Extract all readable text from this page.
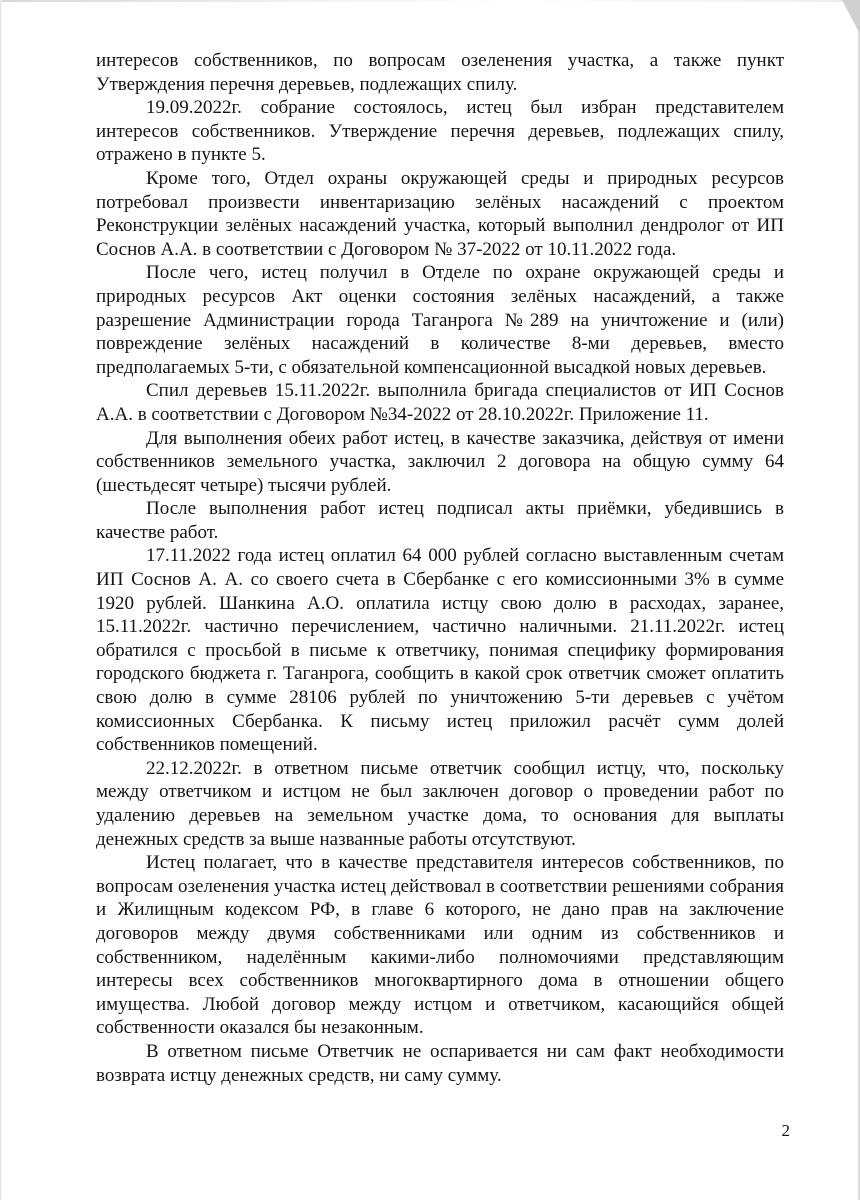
интересов собственников, по вопросам озеленения участка, а также пункт Утверждения перечня деревьев, подлежащих спилу.

19.09.2022г. собрание состоялось, истец был избран представителем интересов собственников. Утверждение перечня деревьев, подлежащих спилу, отражено в пункте 5.

Кроме того, Отдел охраны окружающей среды и природных ресурсов потребовал произвести инвентаризацию зелёных насаждений с проектом Реконструкции зелёных насаждений участка, который выполнил дендролог от ИП Соснов А.А. в соответствии с Договором № 37-2022 от 10.11.2022 года.

После чего, истец получил в Отделе по охране окружающей среды и природных ресурсов Акт оценки состояния зелёных насаждений, а также разрешение Администрации города Таганрога №289 на уничтожение и (или) повреждение зелёных насаждений в количестве 8-ми деревьев, вместо предполагаемых 5-ти, с обязательной компенсационной высадкой новых деревьев.

Спил деревьев 15.11.2022г. выполнила бригада специалистов от ИП Соснов А.А. в соответствии с Договором №34-2022 от 28.10.2022г. Приложение 11.

Для выполнения обеих работ истец, в качестве заказчика, действуя от имени собственников земельного участка, заключил 2 договора на общую сумму 64 (шестьдесят четыре) тысячи рублей.

После выполнения работ истец подписал акты приёмки, убедившись в качестве работ.

17.11.2022 года истец оплатил 64 000 рублей согласно выставленным счетам ИП Соснов А. А. со своего счета в Сбербанке с его комиссионными 3% в сумме 1920 рублей. Шанкина А.О. оплатила истцу свою долю в расходах, заранее, 15.11.2022г. частично перечислением, частично наличными. 21.11.2022г. истец обратился с просьбой в письме к ответчику, понимая специфику формирования городского бюджета г. Таганрога, сообщить в какой срок ответчик сможет оплатить свою долю в сумме 28106 рублей по уничтожению 5-ти деревьев с учётом комиссионных Сбербанка. К письму истец приложил расчёт сумм долей собственников помещений.

22.12.2022г. в ответном письме ответчик сообщил истцу, что, поскольку между ответчиком и истцом не был заключен договор о проведении работ по удалению деревьев на земельном участке дома, то основания для выплаты денежных средств за выше названные работы отсутствуют.

Истец полагает, что в качестве представителя интересов собственников, по вопросам озеленения участка истец действовал в соответствии решениями собрания и Жилищным кодексом РФ, в главе 6 которого, не дано прав на заключение договоров между двумя собственниками или одним из собственников и собственником, наделённым какими-либо полномочиями представляющим интересы всех собственников многоквартирного дома в отношении общего имущества. Любой договор между истцом и ответчиком, касающийся общей собственности оказался бы незаконным.

В ответном письме Ответчик не оспаривается ни сам факт необходимости возврата истцу денежных средств, ни саму сумму.

2
